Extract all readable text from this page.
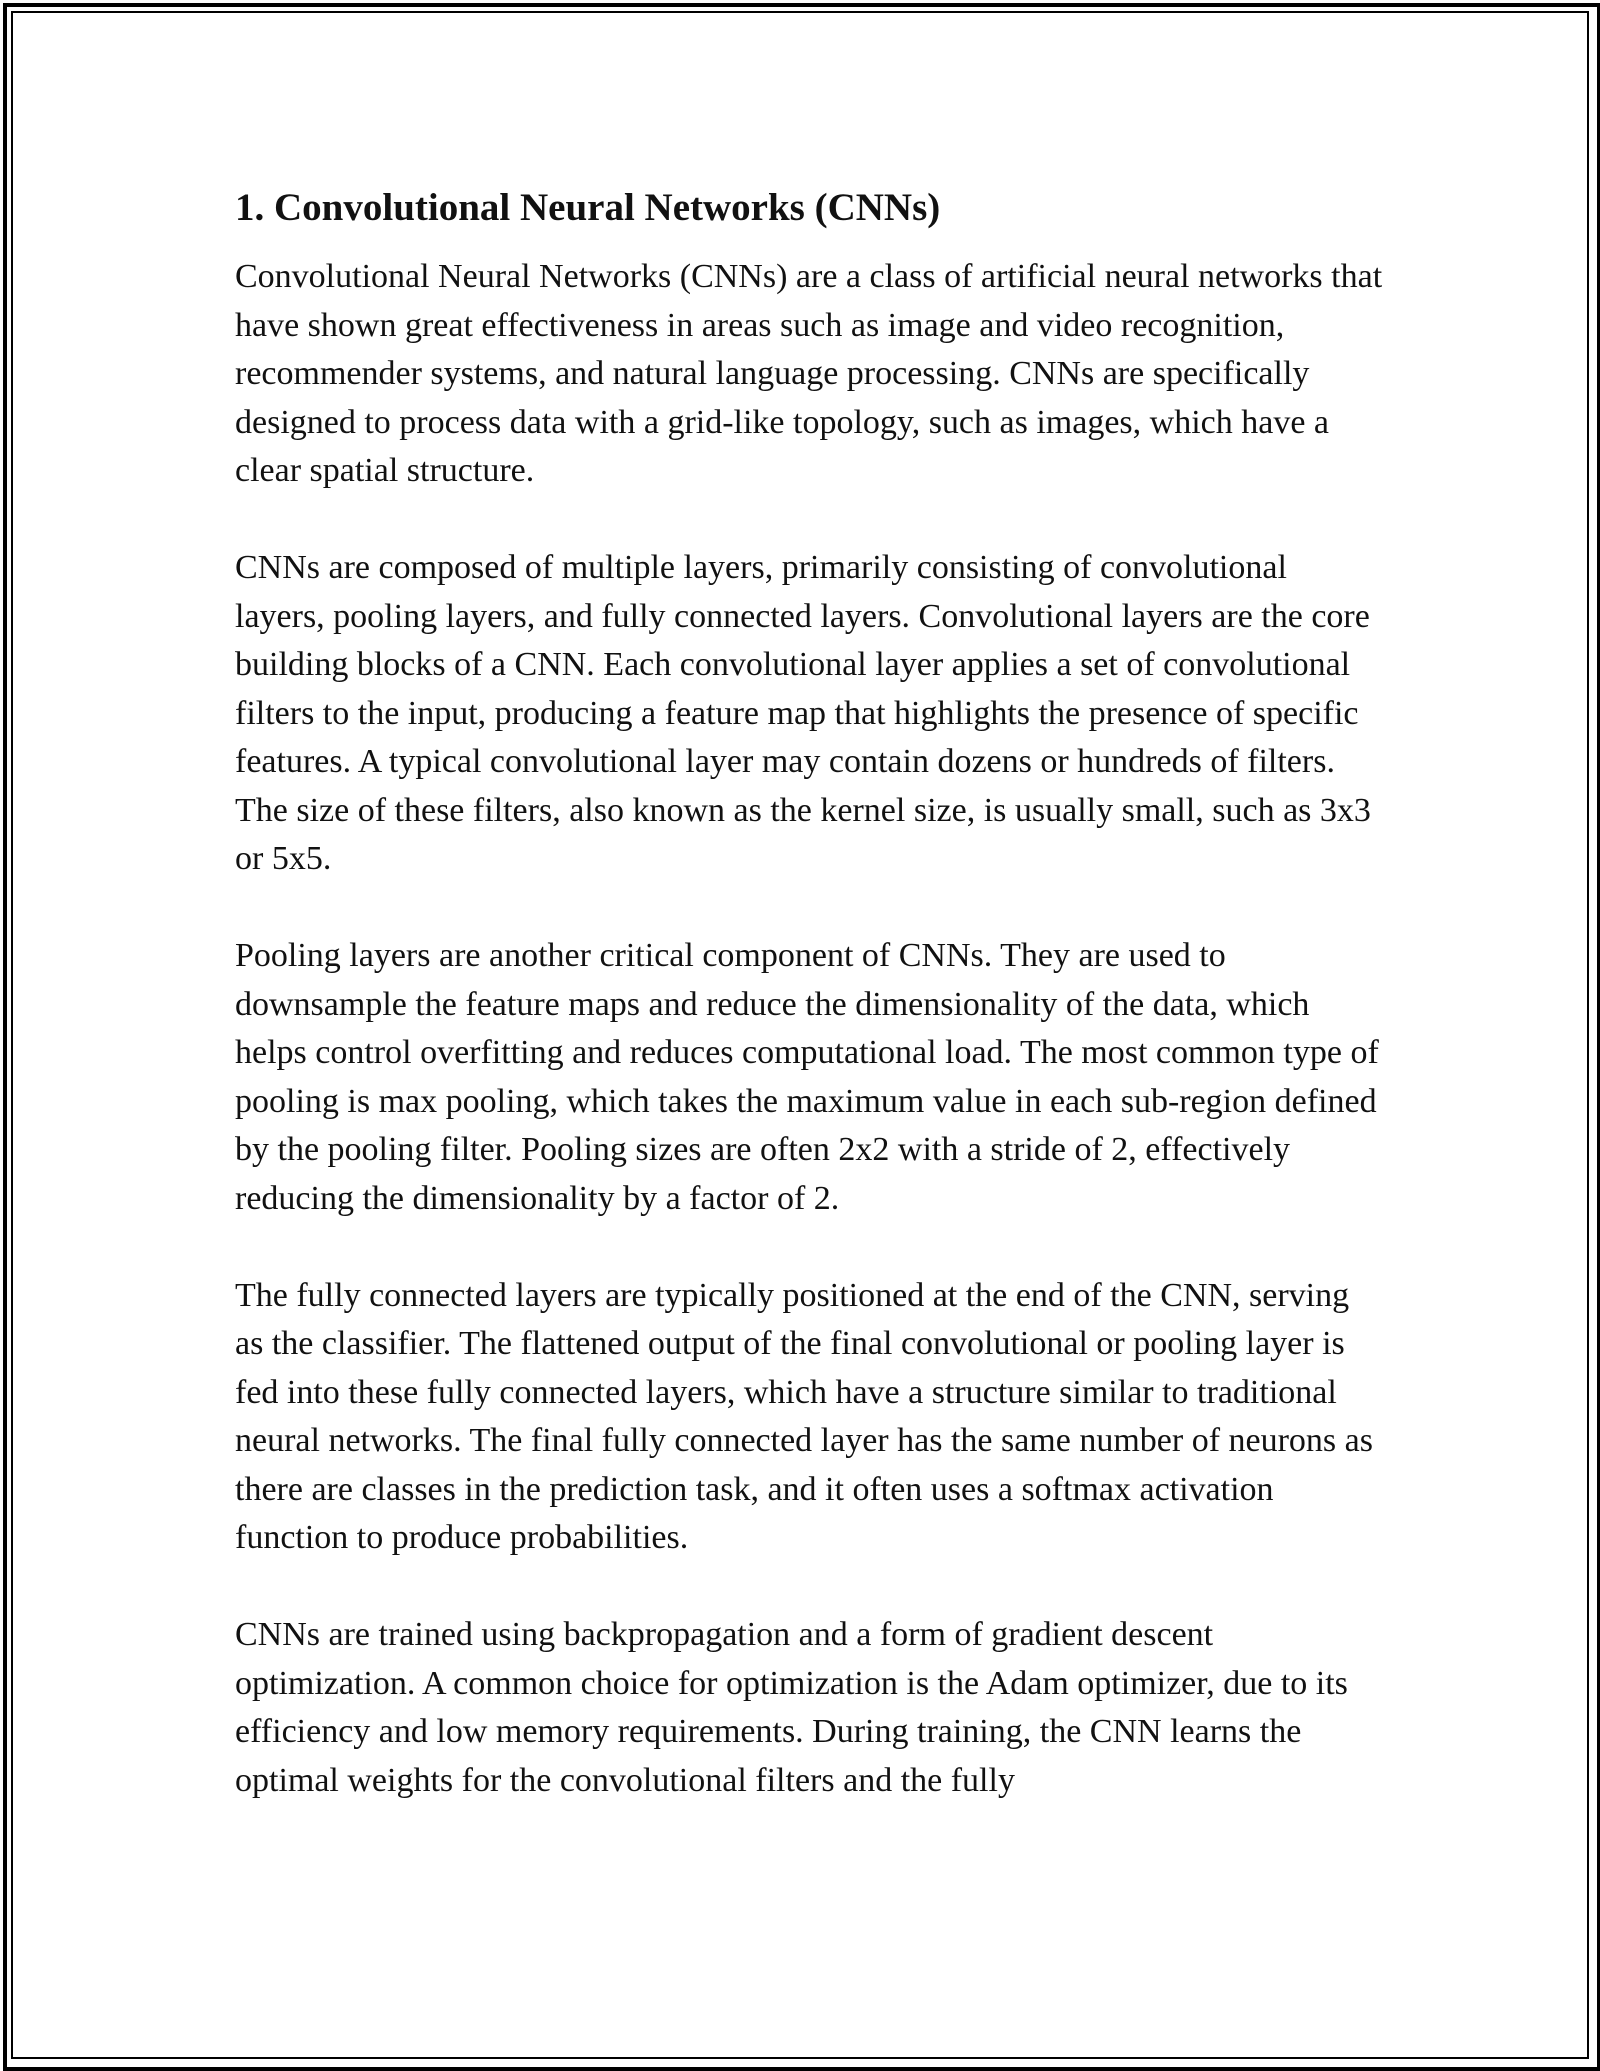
1. Convolutional Neural Networks (CNNs)

Convolutional Neural Networks (CNNs) are a class of artificial neural networks that have shown great effectiveness in areas such as image and video recognition, recommender systems, and natural language processing. CNNs are specifically designed to process data with a grid-like topology, such as images, which have a clear spatial structure.

CNNs are composed of multiple layers, primarily consisting of convolutional layers, pooling layers, and fully connected layers. Convolutional layers are the core building blocks of a CNN. Each convolutional layer applies a set of convolutional filters to the input, producing a feature map that highlights the presence of specific features. A typical convolutional layer may contain dozens or hundreds of filters. The size of these filters, also known as the kernel size, is usually small, such as 3x3 or 5x5.

Pooling layers are another critical component of CNNs. They are used to downsample the feature maps and reduce the dimensionality of the data, which helps control overfitting and reduces computational load. The most common type of pooling is max pooling, which takes the maximum value in each sub-region defined by the pooling filter. Pooling sizes are often 2x2 with a stride of 2, effectively reducing the dimensionality by a factor of 2.

The fully connected layers are typically positioned at the end of the CNN, serving as the classifier. The flattened output of the final convolutional or pooling layer is fed into these fully connected layers, which have a structure similar to traditional neural networks. The final fully connected layer has the same number of neurons as there are classes in the prediction task, and it often uses a softmax activation function to produce probabilities.

CNNs are trained using backpropagation and a form of gradient descent optimization. A common choice for optimization is the Adam optimizer, due to its efficiency and low memory requirements. During training, the CNN learns the optimal weights for the convolutional filters and the fully
